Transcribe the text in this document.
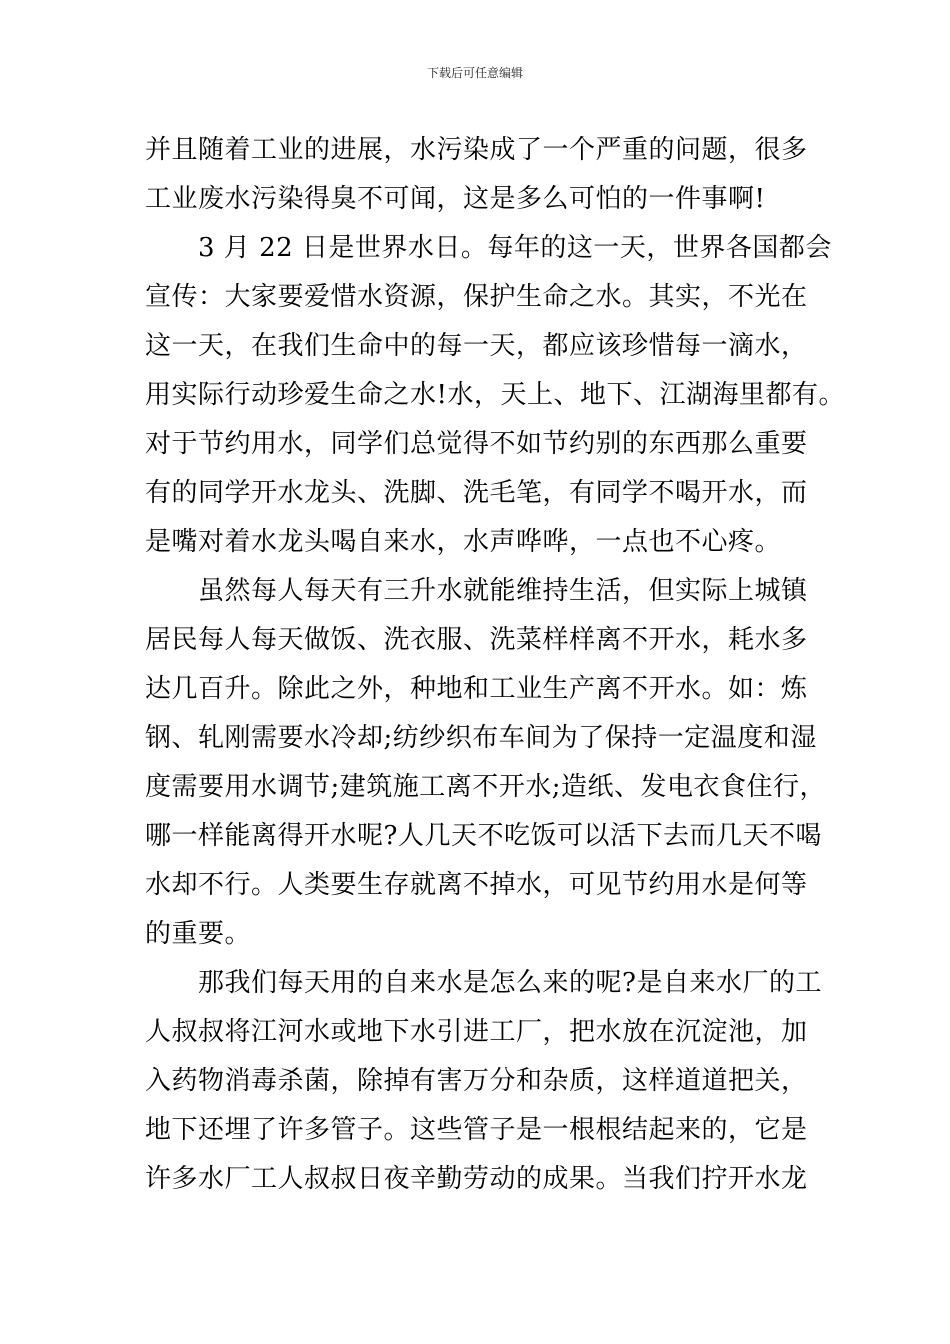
下载后可任意编辑
并且随着工业的进展，水污染成了一个严重的问题，很多
工业废水污染得臭不可闻，这是多么可怕的一件事啊!
3 月 22 日是世界水日。每年的这一天，世界各国都会
宣传：大家要爱惜水资源，保护生命之水。其实，不光在
这一天，在我们生命中的每一天，都应该珍惜每一滴水，
用实际行动珍爱生命之水!水，天上、地下、江湖海里都有。
对于节约用水，同学们总觉得不如节约别的东西那么重要
有的同学开水龙头、洗脚、洗毛笔，有同学不喝开水，而
是嘴对着水龙头喝自来水，水声哗哗，一点也不心疼。
虽然每人每天有三升水就能维持生活，但实际上城镇
居民每人每天做饭、洗衣服、洗菜样样离不开水，耗水多
达几百升。除此之外，种地和工业生产离不开水。如：炼
钢、轧刚需要水冷却;纺纱织布车间为了保持一定温度和湿
度需要用水调节;建筑施工离不开水;造纸、发电衣食住行，
哪一样能离得开水呢?人几天不吃饭可以活下去而几天不喝
水却不行。人类要生存就离不掉水，可见节约用水是何等
的重要。
那我们每天用的自来水是怎么来的呢?是自来水厂的工
人叔叔将江河水或地下水引进工厂，把水放在沉淀池，加
入药物消毒杀菌，除掉有害万分和杂质，这样道道把关，
地下还埋了许多管子。这些管子是一根根结起来的，它是
许多水厂工人叔叔日夜辛勤劳动的成果。当我们拧开水龙
